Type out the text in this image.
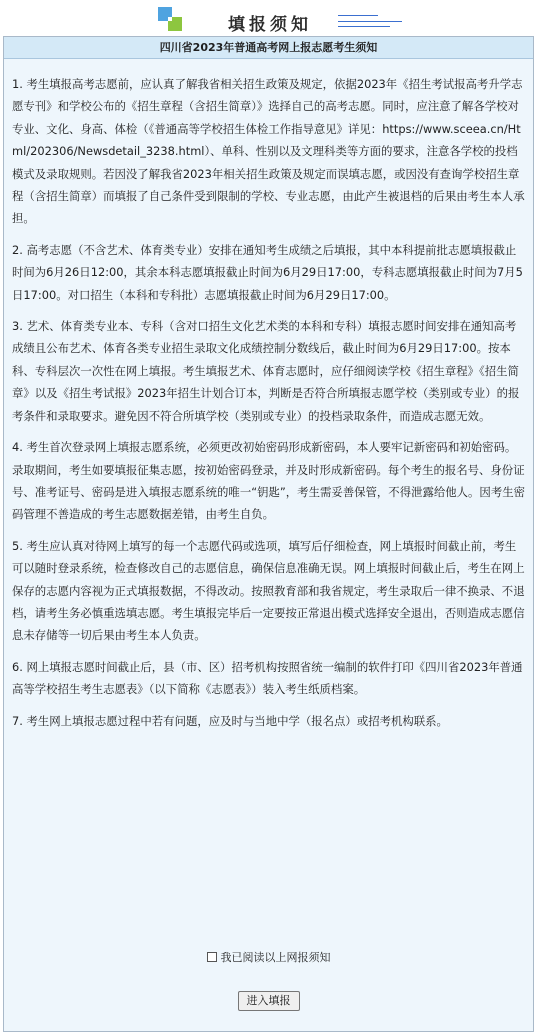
填报须知
四川省2023年普通高考网上报志愿考生须知

1. 考生填报高考志愿前，应认真了解我省相关招生政策及规定，依据2023年《招生考试报高考升学志愿专刊》和学校公布的《招生章程（含招生简章）》选择自己的高考志愿。同时，应注意了解各学校对专业、文化、身高、体检（《普通高等学校招生体检工作指导意见》详见：https://www.sceea.cn/Html/202306/Newsdetail_3238.html）、单科、性别以及文理科类等方面的要求，注意各学校的投档模式及录取规则。若因没了解我省2023年相关招生政策及规定而误填志愿，或因没有查询学校招生章程（含招生简章）而填报了自己条件受到限制的学校、专业志愿，由此产生被退档的后果由考生本人承担。

2. 高考志愿（不含艺术、体育类专业）安排在通知考生成绩之后填报，其中本科提前批志愿填报截止时间为6月26日12:00，其余本科志愿填报截止时间为6月29日17:00，专科志愿填报截止时间为7月5日17:00。对口招生（本科和专科批）志愿填报截止时间为6月29日17:00。

3. 艺术、体育类专业本、专科（含对口招生文化艺术类的本科和专科）填报志愿时间安排在通知高考成绩且公布艺术、体育各类专业招生录取文化成绩控制分数线后，截止时间为6月29日17:00。按本科、专科层次一次性在网上填报。考生填报艺术、体育志愿时，应仔细阅读学校《招生章程》《招生简章》以及《招生考试报》2023年招生计划合订本，判断是否符合所填报志愿学校（类别或专业）的报考条件和录取要求。避免因不符合所填学校（类别或专业）的投档录取条件，而造成志愿无效。

4. 考生首次登录网上填报志愿系统，必须更改初始密码形成新密码，本人要牢记新密码和初始密码。录取期间，考生如要填报征集志愿，按初始密码登录，并及时形成新密码。每个考生的报名号、身份证号、准考证号、密码是进入填报志愿系统的唯一“钥匙”，考生需妥善保管，不得泄露给他人。因考生密码管理不善造成的考生志愿数据差错，由考生自负。

5. 考生应认真对待网上填写的每一个志愿代码或选项，填写后仔细检查，网上填报时间截止前，考生可以随时登录系统，检查修改自己的志愿信息，确保信息准确无误。网上填报时间截止后，考生在网上保存的志愿内容视为正式填报数据，不得改动。按照教育部和我省规定，考生录取后一律不换录、不退档，请考生务必慎重选填志愿。考生填报完毕后一定要按正常退出模式选择安全退出，否则造成志愿信息未存储等一切后果由考生本人负责。

6. 网上填报志愿时间截止后，县（市、区）招考机构按照省统一编制的软件打印《四川省2023年普通高等学校招生考生志愿表》（以下简称《志愿表》）装入考生纸质档案。

7. 考生网上填报志愿过程中若有问题，应及时与当地中学（报名点）或招考机构联系。

我已阅读以上网报须知
进入填报
